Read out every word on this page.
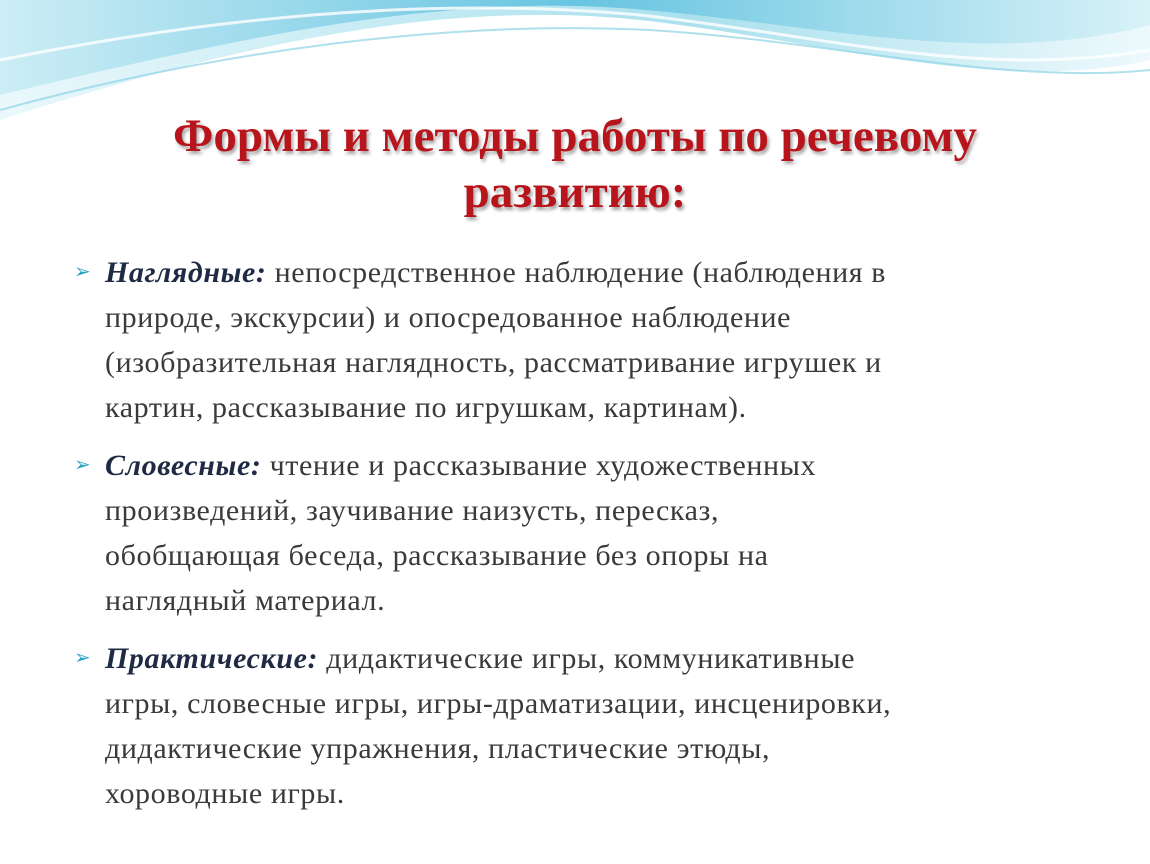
Формы и методы работы по речевому
развитию:
➢ Наглядные: непосредственное наблюдение (наблюдения в
природе, экскурсии) и опосредованное наблюдение
(изобразительная наглядность, рассматривание игрушек и
картин, рассказывание по игрушкам, картинам).
➢ Словесные: чтение и рассказывание художественных
произведений, заучивание наизусть, пересказ,
обобщающая беседа, рассказывание без опоры на
наглядный материал.
➢ Практические: дидактические игры, коммуникативные
игры, словесные игры, игры-драматизации, инсценировки,
дидактические упражнения, пластические этюды,
хороводные игры.
